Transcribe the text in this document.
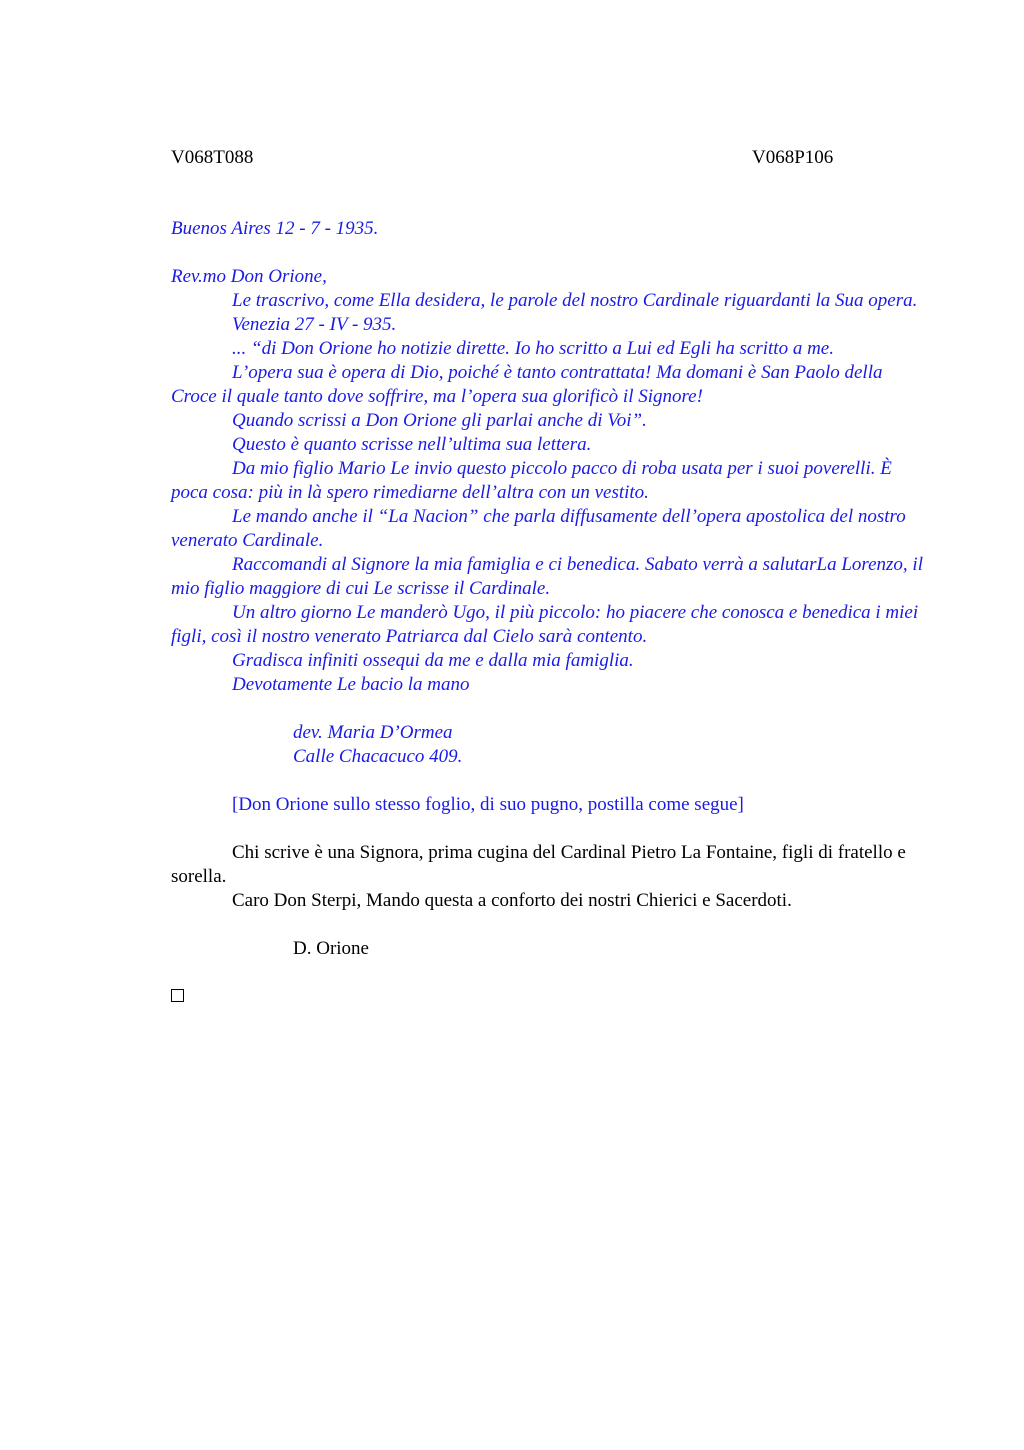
V068T088	V068P106

Buenos Aires 12 - 7 - 1935.

Rev.mo Don Orione,

Le trascrivo, come Ella desidera, le parole del nostro Cardinale riguardanti la Sua opera.

Venezia 27 - IV - 935.

... “di Don Orione ho notizie dirette. Io ho scritto a Lui ed Egli ha scritto a me.

L’opera sua è opera di Dio, poiché è tanto contrattata! Ma domani è San Paolo della Croce il quale tanto dove soffrire, ma l’opera sua glorificò il Signore!

Quando scrissi a Don Orione gli parlai anche di Voi”.

Questo è quanto scrisse nell’ultima sua lettera.

Da mio figlio Mario Le invio questo piccolo pacco di roba usata per i suoi poverelli. È poca cosa: più in là spero rimediarne dell’altra con un vestito.

Le mando anche il “La Nacion” che parla diffusamente dell’opera apostolica del nostro venerato Cardinale.

Raccomandi al Signore la mia famiglia e ci benedica. Sabato verrà a salutarLa Lorenzo, il mio figlio maggiore di cui Le scrisse il Cardinale.

Un altro giorno Le manderò Ugo, il più piccolo: ho piacere che conosca e benedica i miei figli, così il nostro venerato Patriarca dal Cielo sarà contento.

Gradisca infiniti ossequi da me e dalla mia famiglia.

Devotamente Le bacio la mano

dev. Maria D’Ormea

Calle Chacacuco 409.

[Don Orione sullo stesso foglio, di suo pugno, postilla come segue]

Chi scrive è una Signora, prima cugina del Cardinal Pietro La Fontaine, figli di fratello e sorella.

Caro Don Sterpi, Mando questa a conforto dei nostri Chierici e Sacerdoti.

D. Orione
